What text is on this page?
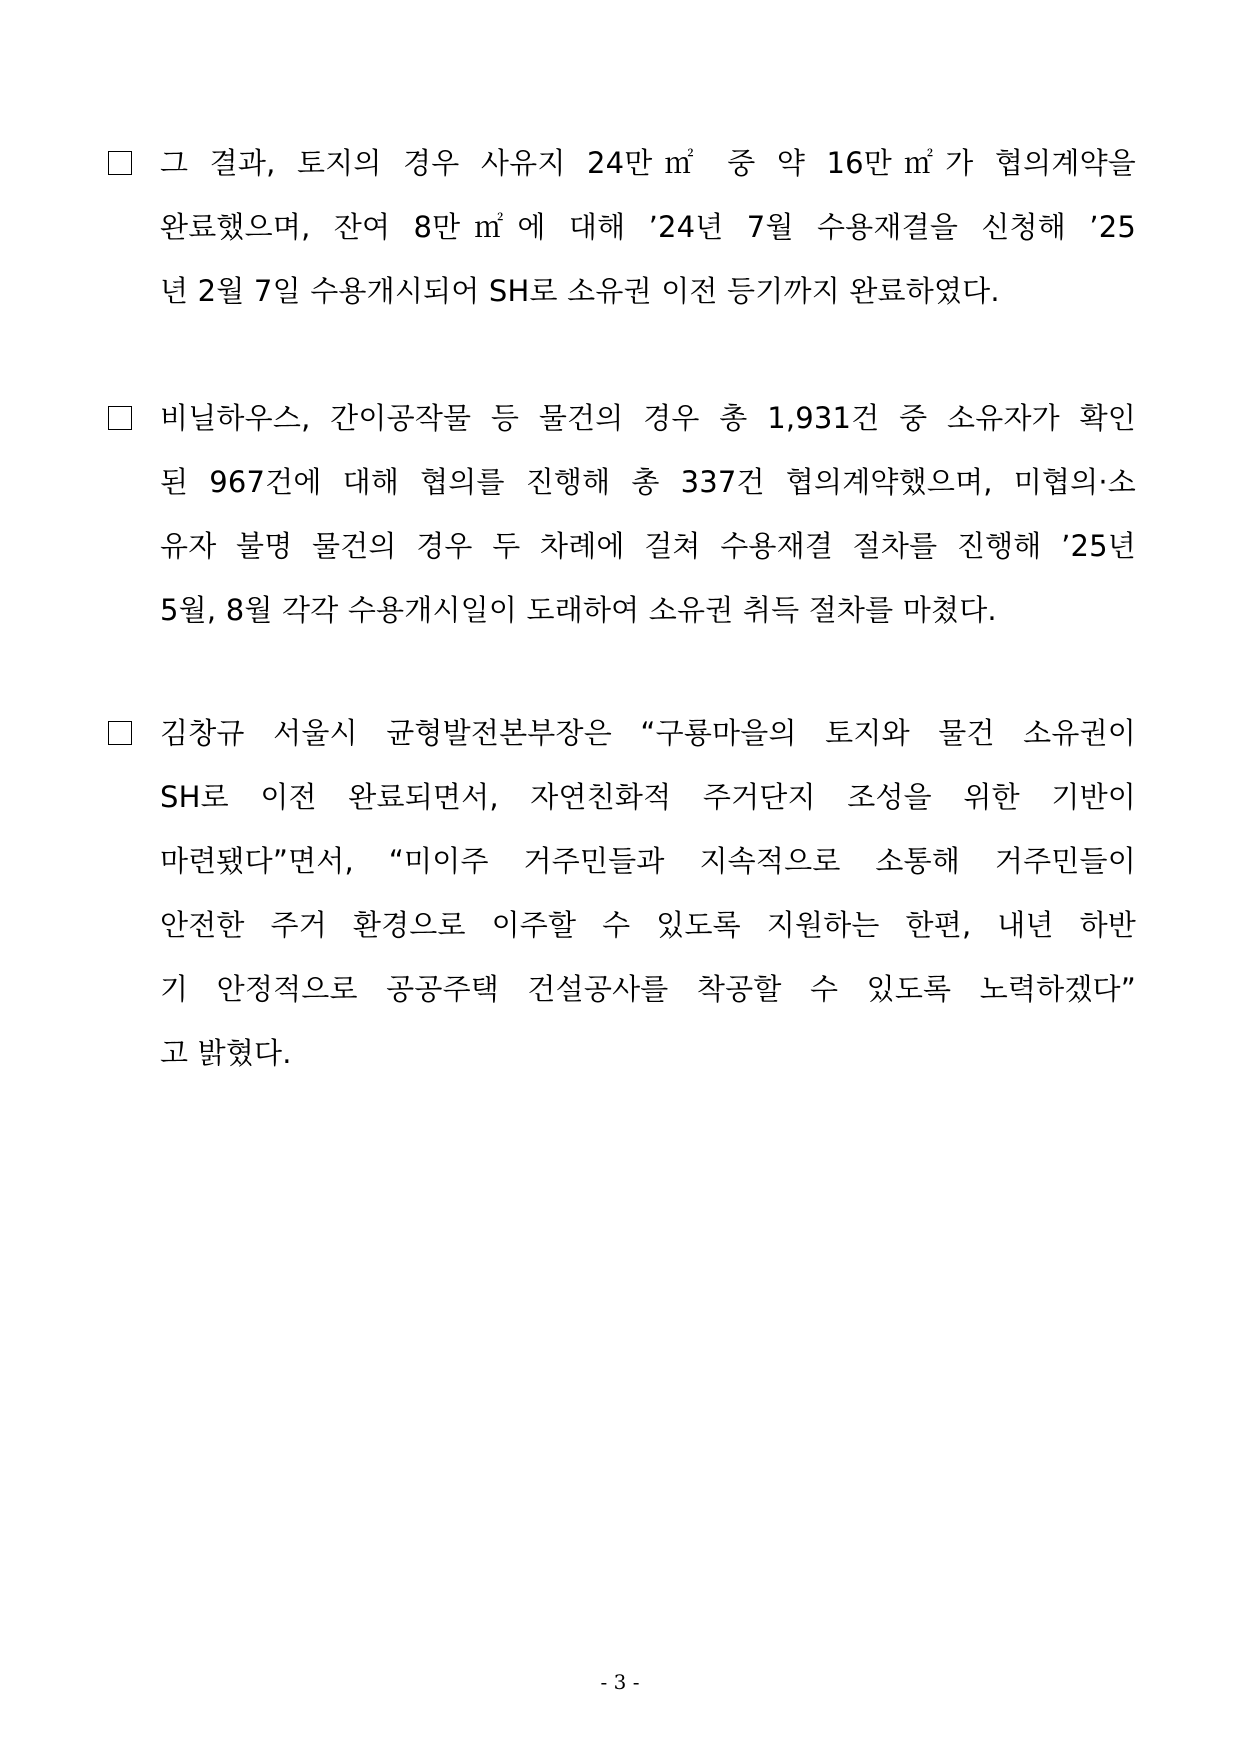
그 결과, 토지의 경우 사유지 24만㎡ 중 약 16만㎡가 협의계약을
완료했으며, 잔여 8만㎡에 대해 ’24년 7월 수용재결을 신청해 ’25
년 2월 7일 수용개시되어 SH로 소유권 이전 등기까지 완료하였다.
비닐하우스, 간이공작물 등 물건의 경우 총 1,931건 중 소유자가 확인
된 967건에 대해 협의를 진행해 총 337건 협의계약했으며, 미협의·소
유자 불명 물건의 경우 두 차례에 걸쳐 수용재결 절차를 진행해 ’25년
5월, 8월 각각 수용개시일이 도래하여 소유권 취득 절차를 마쳤다.
김창규 서울시 균형발전본부장은 “구룡마을의 토지와 물건 소유권이
SH로 이전 완료되면서, 자연친화적 주거단지 조성을 위한 기반이
마련됐다”면서, “미이주 거주민들과 지속적으로 소통해 거주민들이
안전한 주거 환경으로 이주할 수 있도록 지원하는 한편, 내년 하반
기 안정적으로 공공주택 건설공사를 착공할 수 있도록 노력하겠다”
고 밝혔다.
- 3 -
